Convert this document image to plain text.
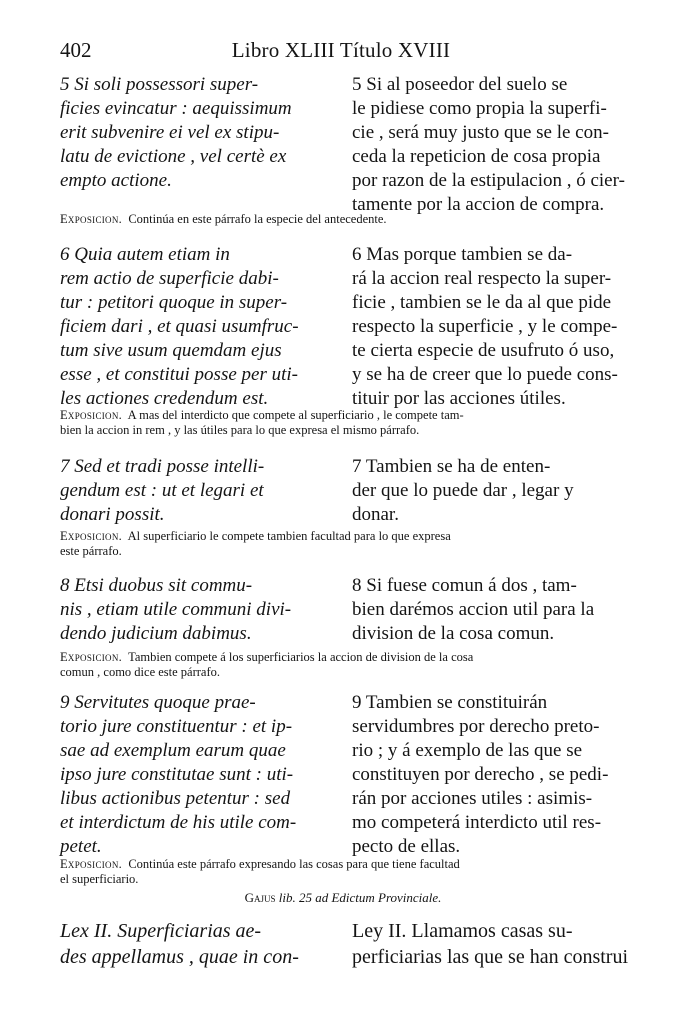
402	Libro XLIII Título XVIII
5 Si soli possessori super-
ficies evincatur : aequissimum
erit subvenire ei vel ex stipu-
latu de evictione , vel certè ex
empto actione.
5 Si al poseedor del suelo se
le pidiese como propia la superfi-
cie , será muy justo que se le con-
ceda la repeticion de cosa propia
por razon de la estipulacion , ó cier-
tamente por la accion de compra.
Exposicion. Continúa en este párrafo la especie del antecedente.
6 Quia autem etiam in
rem actio de superficie dabi-
tur : petitori quoque in super-
ficiem dari , et quasi usumfruc-
tum sive usum quemdam ejus
esse , et constitui posse per uti-
les actiones credendum est.
6 Mas porque tambien se da-
rá la accion real respecto la super-
ficie , tambien se le da al que pide
respecto la superficie , y le compe-
te cierta especie de usufruto ó uso,
y se ha de creer que lo puede cons-
tituir por las acciones útiles.
Exposicion. A mas del interdicto que compete al superficiario , le compete tam-
bien la accion in rem , y las útiles para lo que expresa el mismo párrafo.
7 Sed et tradi posse intelli-
gendum est : ut et legari et
donari possit.
7 Tambien se ha de enten-
der que lo puede dar , legar y
donar.
Exposicion. Al superficiario le compete tambien facultad para lo que expresa
este párrafo.
8 Etsi duobus sit commu-
nis , etiam utile communi divi-
dendo judicium dabimus.
8 Si fuese comun á dos , tam-
bien darémos accion util para la
division de la cosa comun.
Exposicion. Tambien compete á los superficiarios la accion de division de la cosa
comun , como dice este párrafo.
9 Servitutes quoque prae-
torio jure constituentur : et ip-
sae ad exemplum earum quae
ipso jure constitutae sunt : uti-
libus actionibus petentur : sed
et interdictum de his utile com-
petet.
9 Tambien se constituirán
servidumbres por derecho preto-
rio ; y á exemplo de las que se
constituyen por derecho , se pedi-
rán por acciones utiles : asimis-
mo competerá interdicto util res-
pecto de ellas.
Exposicion. Continúa este párrafo expresando las cosas para que tiene facultad
el superficiario.
Gajus lib. 25 ad Edictum Provinciale.
Lex II. Superficiarias ae-
des appellamus , quae in con-
Ley II. Llamamos casas su-
perficiarias las que se han construi
